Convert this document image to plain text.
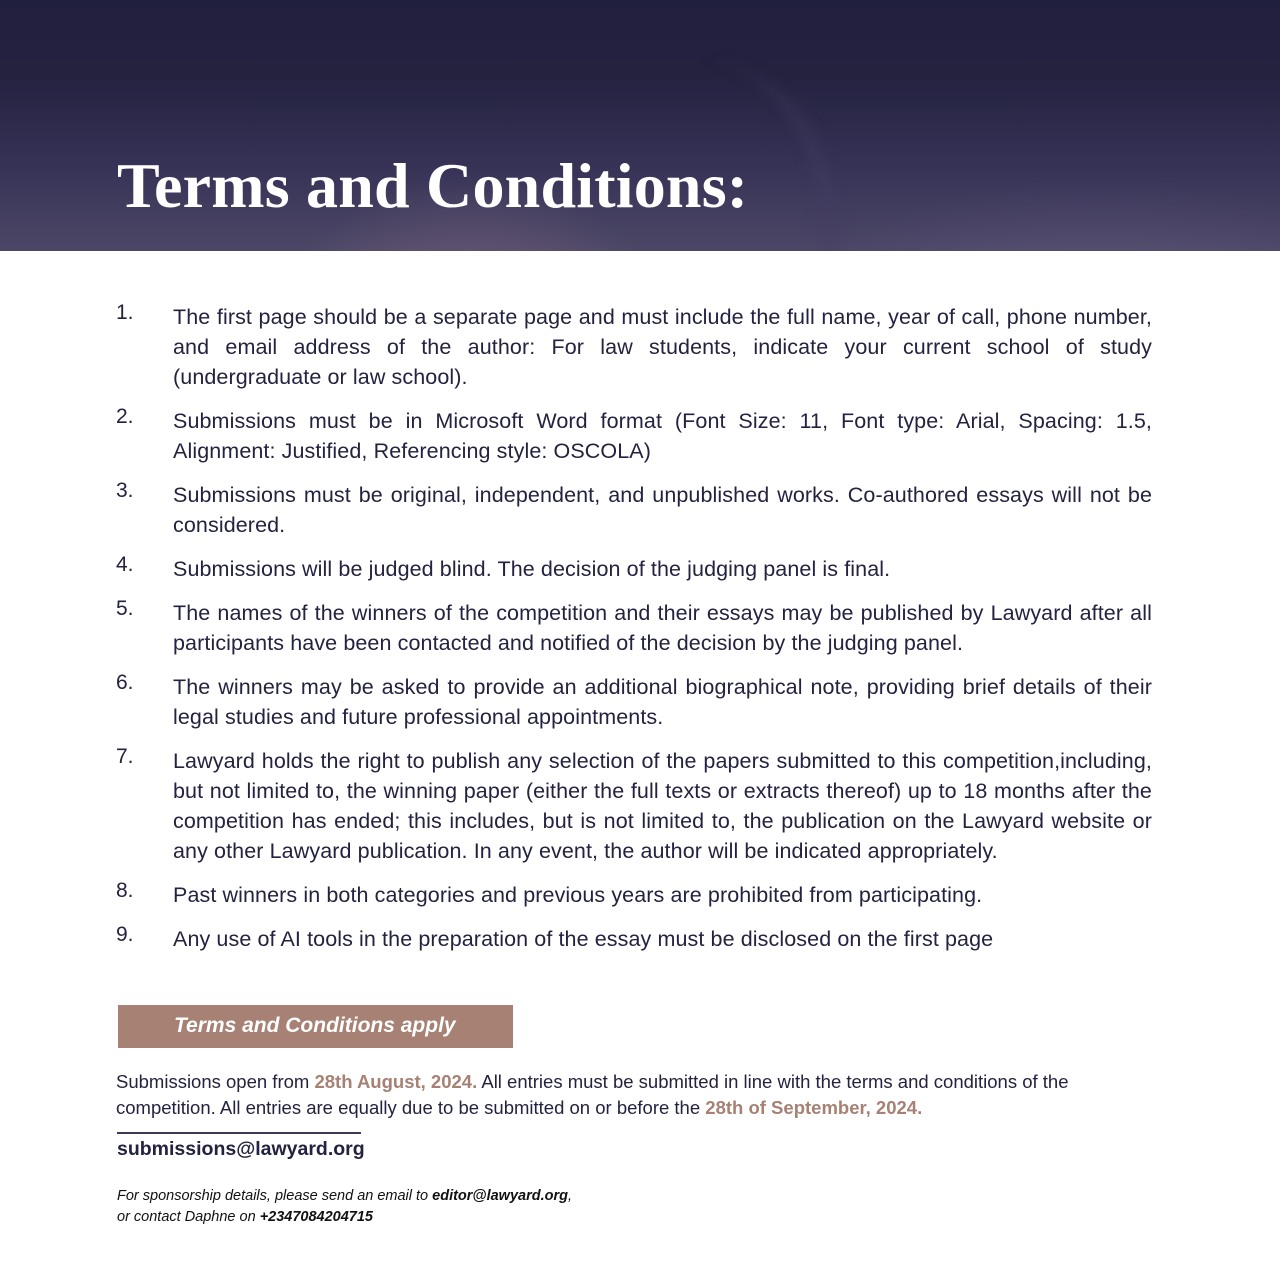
Terms and Conditions:
1.	The first page should be a separate page and must include the full name, year of call, phone number, and email address of the author: For law students, indicate your current school of study (undergraduate or law school).
2.	Submissions must be in Microsoft Word format (Font Size: 11, Font type: Arial, Spacing: 1.5, Alignment: Justified, Referencing style: OSCOLA)
3.	Submissions must be original, independent, and unpublished works. Co-authored essays will not be considered.
4.	Submissions will be judged blind. The decision of the judging panel is final.
5.	The names of the winners of the competition and their essays may be published by Lawyard after all participants have been contacted and notified of the decision by the judging panel.
6.	The winners may be asked to provide an additional biographical note, providing brief details of their legal studies and future professional appointments.
7.	Lawyard holds the right to publish any selection of the papers submitted to this competition,including, but not limited to, the winning paper (either the full texts or extracts thereof) up to 18 months after the competition has ended; this includes, but is not limited to, the publication on the Lawyard website or any other Lawyard publication. In any event, the author will be indicated appropriately.
8.	Past winners in both categories and previous years are prohibited from participating.
9.	Any use of AI tools in the preparation of the essay must be disclosed on the first page
Terms and Conditions apply

Submissions open from 28th August, 2024. All entries must be submitted in line with the terms and conditions of the competition. All entries are equally due to be submitted on or before the 28th of September, 2024.

submissions@lawyard.org

For sponsorship details, please send an email to editor@lawyard.org,
or contact Daphne on +2347084204715
